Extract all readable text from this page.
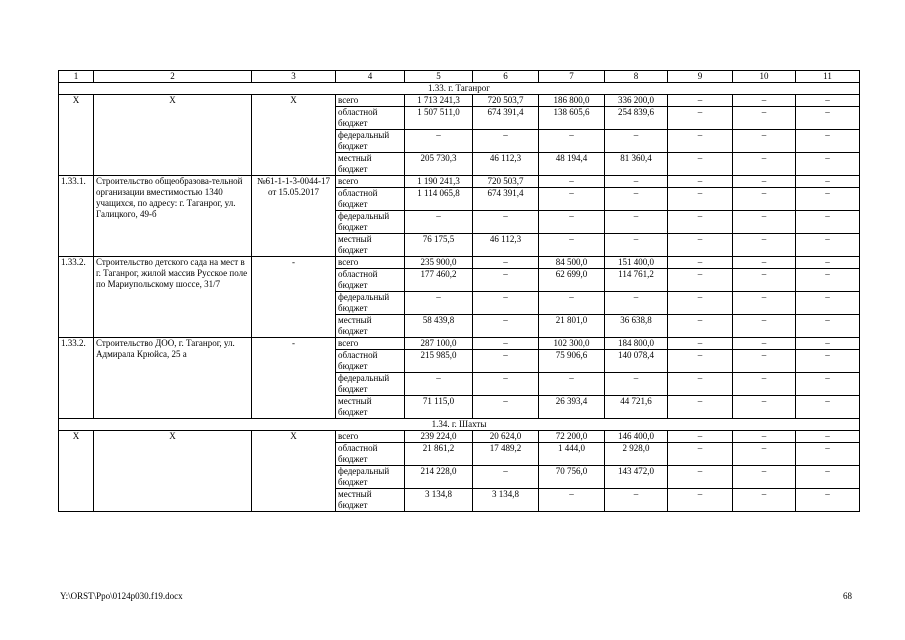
1	2	3	4	5	6	7	8	9	10	11
1.33. г. Таганрог										
X	X	X	всего	1 713 241,3	720 503,7	186 800,0	336 200,0	–	–	–
			областной бюджет	1 507 511,0	674 391,4	138 605,6	254 839,6	–	–	–
			федеральный бюджет	–	–	–	–	–	–	–
			местный бюджет	205 730,3	46 112,3	48 194,4	81 360,4	–	–	–
1.33.1.	Строительство общеобразова-тельной организации вместимостью 1340 учащихся, по адресу: г. Таганрог, ул. Галицкого, 49-б	№61-1-1-3-0044-17 от 15.05.2017	всего	1 190 241,3	720 503,7	–	–	–	–	–
			областной бюджет	1 114 065,8	674 391,4	–	–	–	–	–
			федеральный бюджет	–	–	–	–	–	–	–
			местный бюджет	76 175,5	46 112,3	–	–	–	–	–
1.33.2.	Строительство детского сада на мест в г. Таганрог, жилой массив Русское поле по Мариупольскому шоссе, 31/7	-	всего	235 900,0	–	84 500,0	151 400,0	–	–	–
			областной бюджет	177 460,2	–	62 699,0	114 761,2	–	–	–
			федеральный бюджет	–	–	–	–	–	–	–
			местный бюджет	58 439,8	–	21 801,0	36 638,8	–	–	–
1.33.2.	Строительство ДОО, г. Таганрог, ул. Адмирала Крюйса, 25 а	-	всего	287 100,0	–	102 300,0	184 800,0	–	–	–
			областной бюджет	215 985,0	–	75 906,6	140 078,4	–	–	–
			федеральный бюджет	–	–	–	–	–	–	–
			местный бюджет	71 115,0	–	26 393,4	44 721,6	–	–	–
1.34. г. Шахты										
X	X	X	всего	239 224,0	20 624,0	72 200,0	146 400,0	–	–	–
			областной бюджет	21 861,2	17 489,2	1 444,0	2 928,0	–	–	–
			федеральный бюджет	214 228,0	–	70 756,0	143 472,0	–	–	–
			местный бюджет	3 134,8	3 134,8	–	–	–	–	–
Y:\ORST\Ppo\0124p030.f19.docx	68
